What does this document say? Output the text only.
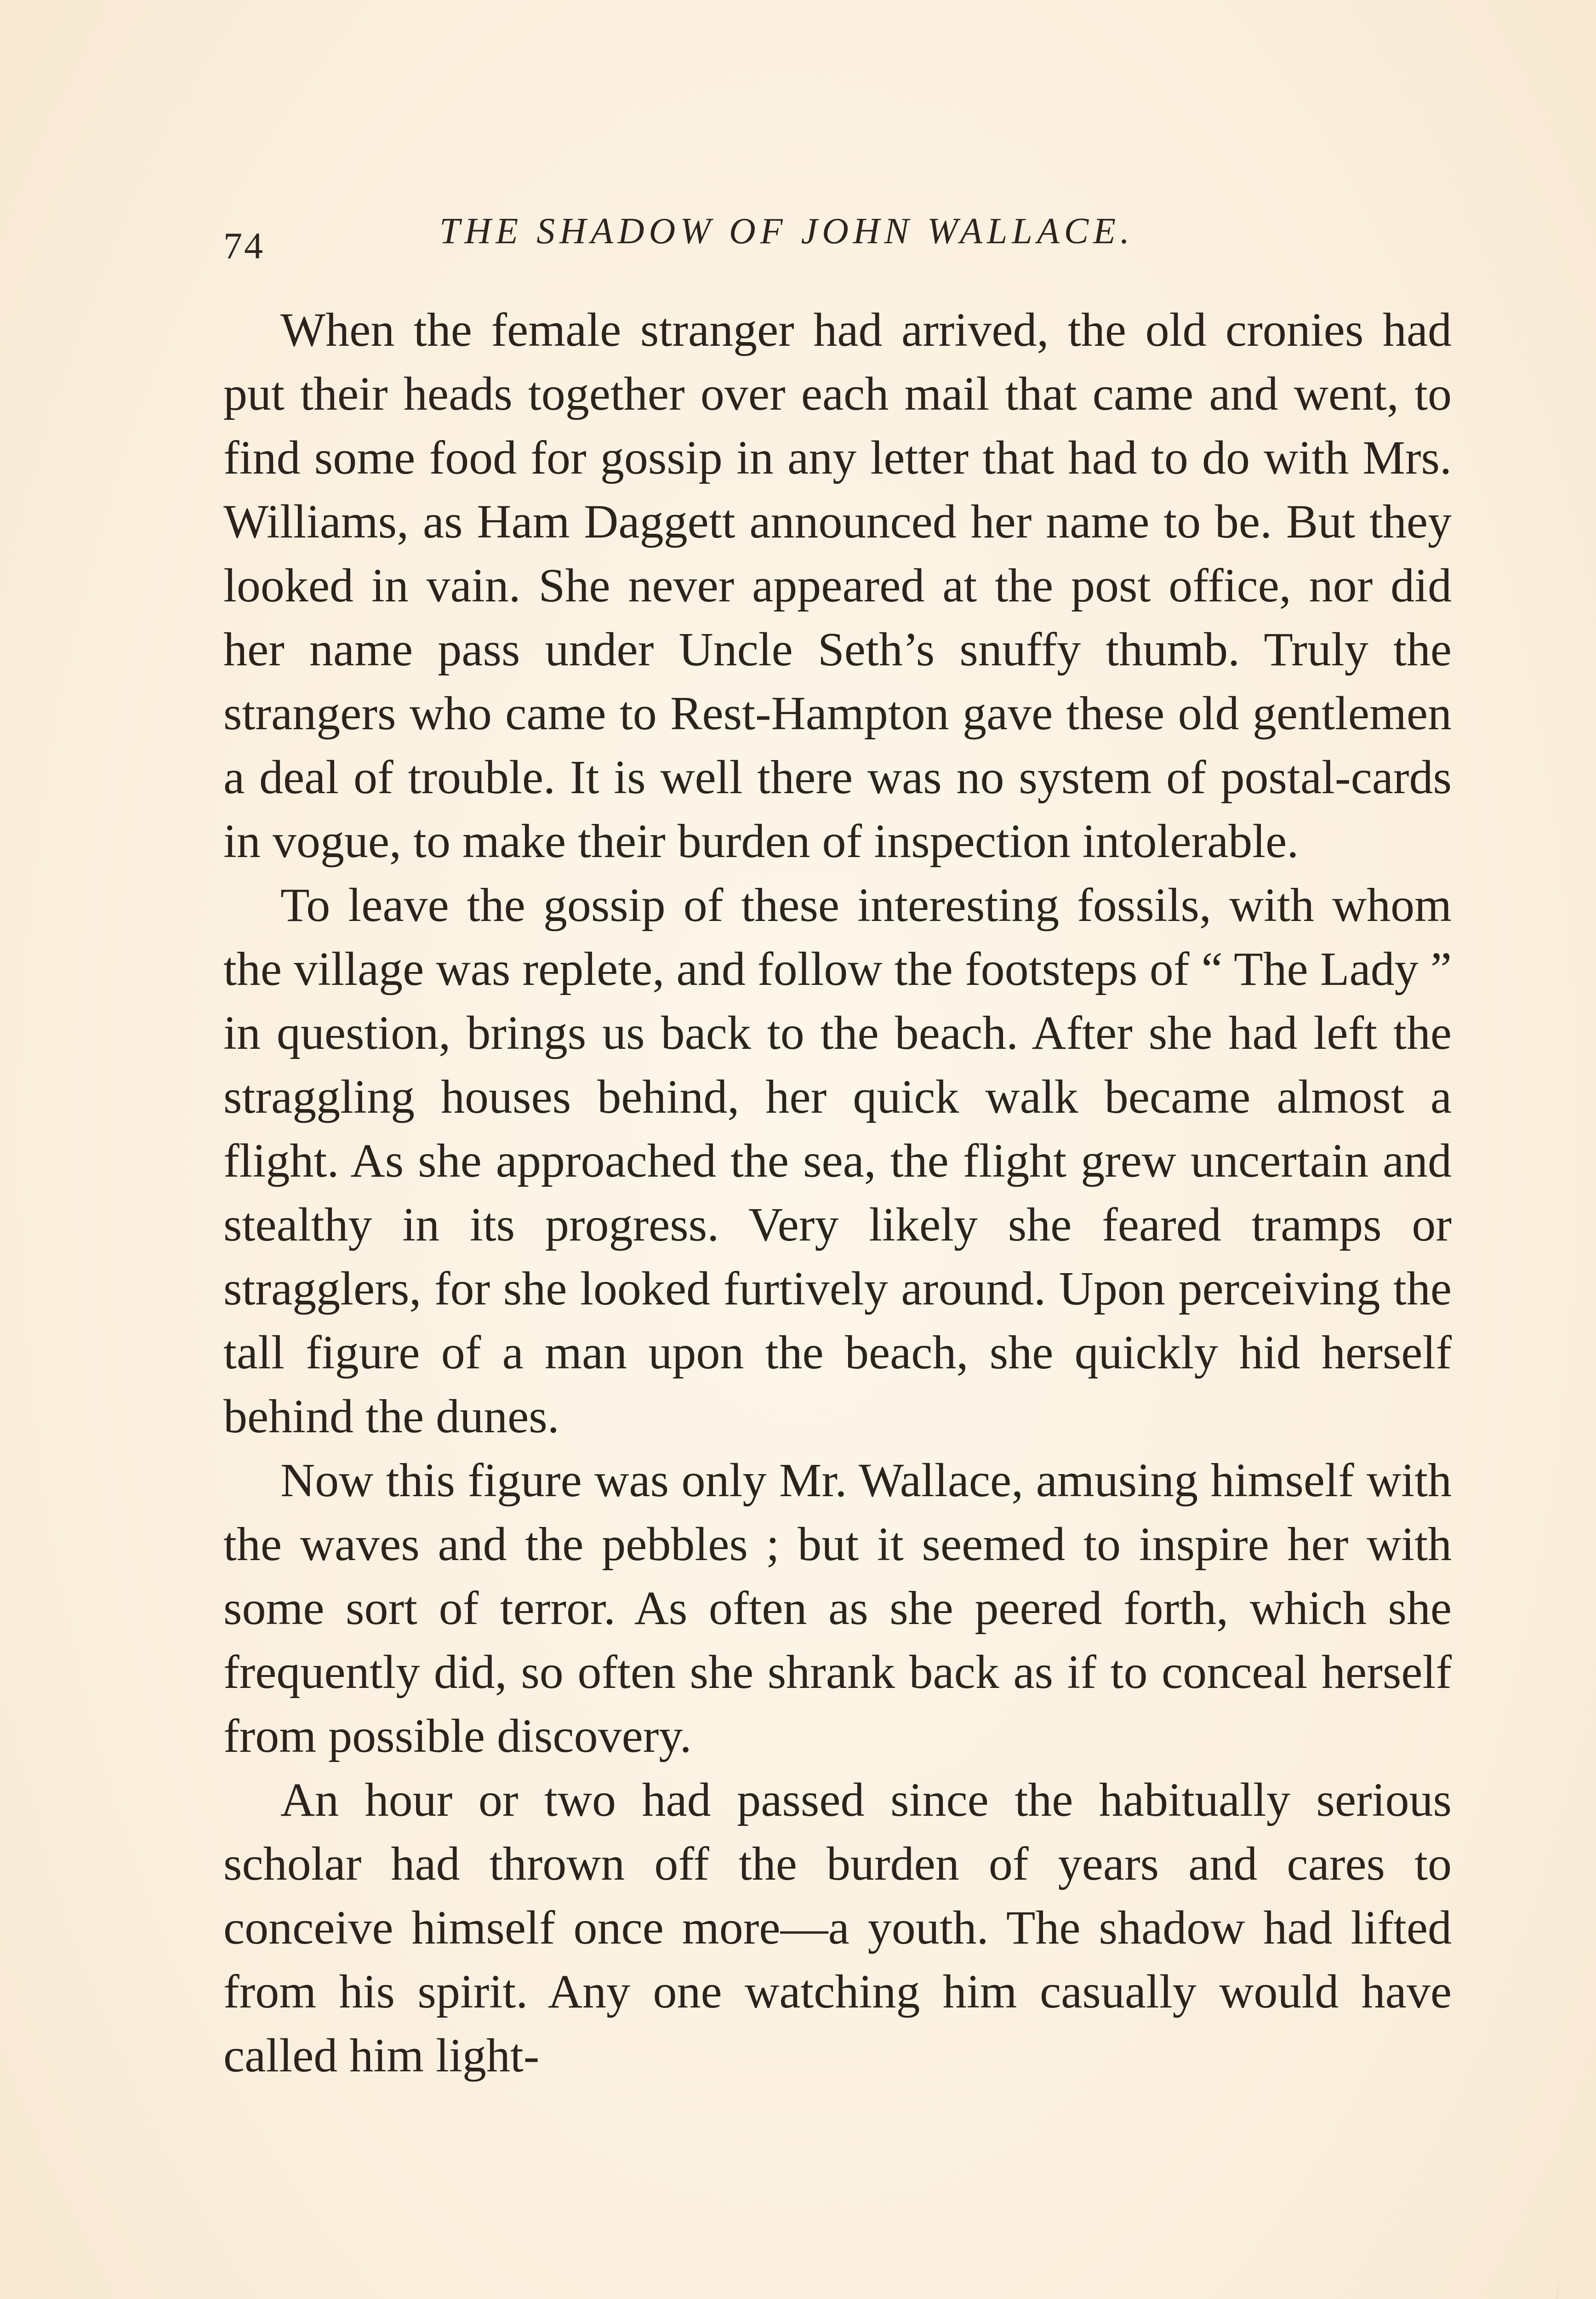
74	THE SHADOW OF JOHN WALLACE.

When the female stranger had arrived, the old cronies had put their heads together over each mail that came and went, to find some food for gossip in any letter that had to do with Mrs. Williams, as Ham Daggett announced her name to be. But they looked in vain. She never appeared at the post office, nor did her name pass under Uncle Seth’s snuffy thumb. Truly the strangers who came to Rest-Hampton gave these old gentlemen a deal of trouble. It is well there was no system of postal-cards in vogue, to make their burden of inspection intolerable.

To leave the gossip of these interesting fossils, with whom the village was replete, and follow the footsteps of “ The Lady ” in question, brings us back to the beach. After she had left the straggling houses behind, her quick walk became almost a flight. As she approached the sea, the flight grew uncertain and stealthy in its progress. Very likely she feared tramps or stragglers, for she looked furtively around. Upon perceiving the tall figure of a man upon the beach, she quickly hid herself behind the dunes.

Now this figure was only Mr. Wallace, amusing himself with the waves and the pebbles ; but it seemed to inspire her with some sort of terror. As often as she peered forth, which she frequently did, so often she shrank back as if to conceal herself from possible discovery.

An hour or two had passed since the habitually serious scholar had thrown off the burden of years and cares to conceive himself once more—a youth. The shadow had lifted from his spirit. Any one watching him casually would have called him light-
